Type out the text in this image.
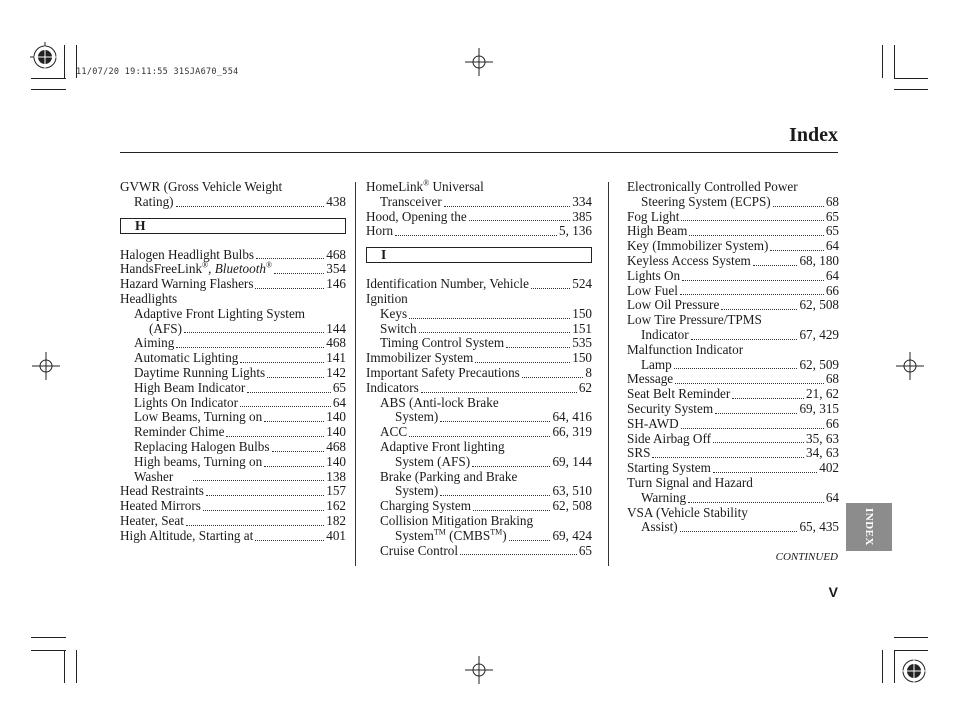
11/07/20 19:11:55 31SJA670_554
Index
GVWR (Gross Vehicle Weight
Rating)	438
H
Halogen Headlight Bulbs	468
HandsFreeLink®, Bluetooth®	354
Hazard Warning Flashers	146
Headlights
Adaptive Front Lighting System
(AFS)	144
Aiming	468
Automatic Lighting	141
Daytime Running Lights	142
High Beam Indicator	65
Lights On Indicator	64
Low Beams, Turning on	140
Reminder Chime	140
Replacing Halogen Bulbs	468
High beams, Turning on	140
Washer	138
Head Restraints	157
Heated Mirrors	162
Heater, Seat	182
High Altitude, Starting at	401
HomeLink® Universal
Transceiver	334
Hood, Opening the	385
Horn	5, 136
I
Identification Number, Vehicle	524
Ignition
Keys	150
Switch	151
Timing Control System	535
Immobilizer System	150
Important Safety Precautions	8
Indicators	62
ABS (Anti-lock Brake
System)	64, 416
ACC	66, 319
Adaptive Front lighting
System (AFS)	69, 144
Brake (Parking and Brake
System)	63, 510
Charging System	62, 508
Collision Mitigation Braking
System™ (CMBS™)	69, 424
Cruise Control	65
Electronically Controlled Power
Steering System (ECPS)	68
Fog Light	65
High Beam	65
Key (Immobilizer System)	64
Keyless Access System	68, 180
Lights On	64
Low Fuel	66
Low Oil Pressure	62, 508
Low Tire Pressure/TPMS
Indicator	67, 429
Malfunction Indicator
Lamp	62, 509
Message	68
Seat Belt Reminder	21, 62
Security System	69, 315
SH-AWD	66
Side Airbag Off	35, 63
SRS	34, 63
Starting System	402
Turn Signal and Hazard
Warning	64
VSA (Vehicle Stability
Assist)	65, 435
CONTINUED
V
INDEX
